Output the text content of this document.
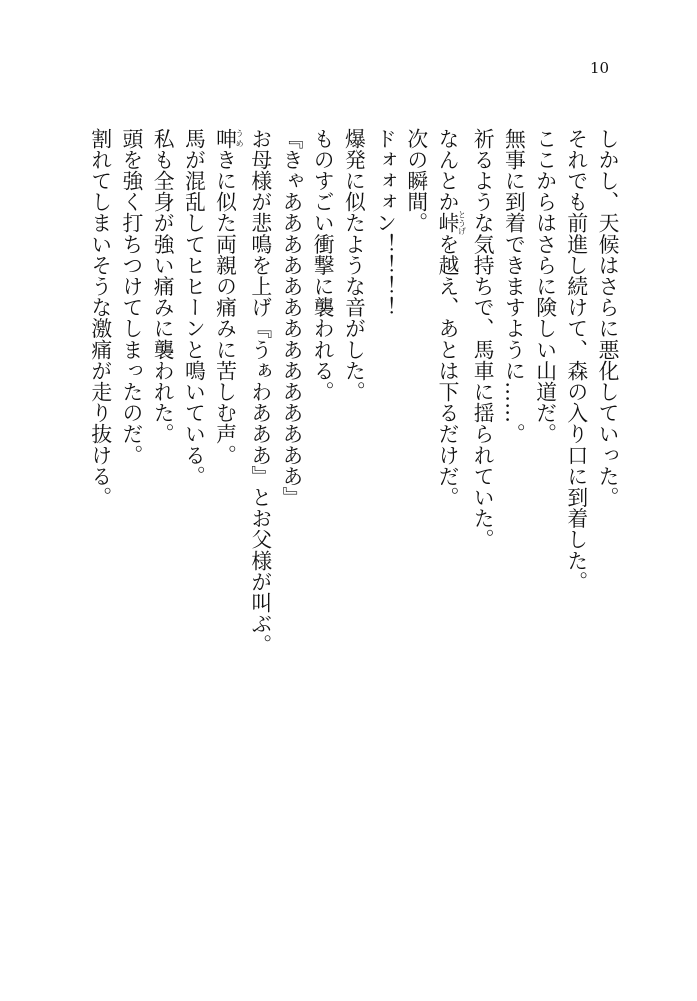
10
しかし、天候はさらに悪化していった。
それでも前進し続けて、森の入り口に到着した。
ここからはさらに険しい山道だ。
無事に到着できますように……。
祈るような気持ちで、馬車に揺られていた。
なんとか峠とうげを越え、あとは下るだけだ。
次の瞬間。
ドォォォン！！！！
爆発に似たような音がした。
ものすごい衝撃に襲われる。
『きゃああああああああああああああ』
お母様が悲鳴を上げ『うぁわあああ』とお父様が叫ぶ。
呻うめきに似た両親の痛みに苦しむ声。
馬が混乱してヒヒーンと鳴いている。
私も全身が強い痛みに襲われた。
頭を強く打ちつけてしまったのだ。
割れてしまいそうな激痛が走り抜ける。
